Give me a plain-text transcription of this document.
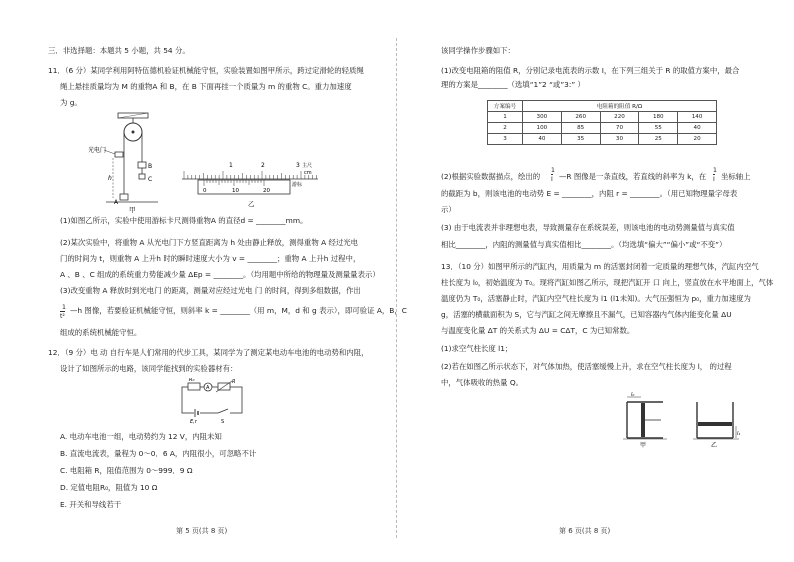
三．非选择题：本题共 5 小题，共 54 分。
11．（6 分）某同学利用阿特伍德机验证机械能守恒，实验装置如图甲所示，跨过定滑轮的轻质绳
绳上悬挂质量均为 M 的重物A 和 B，在 B 下面再挂一个质量为 m 的重物 C。重力加速度
为 g。
光电门
h
A
B
C
甲
1	2	3 主尺
cm
0	10	20
游标
乙
(1)如图乙所示，实验中使用游标卡尺测得重物A 的直径d = ________mm。
(2)某次实验中，将重物 A 从光电门下方竖直距离为 h 处由静止释放，测得重物 A 经过光电
门的时间为 t，则重物 A 上升h 时的瞬时速度大小为 v = ________；重物 A 上升h 过程中，
A 、B 、C 组成的系统重力势能减少量 ΔEp = ________。（均用题中所给的物理量及测量量表示）
(3)改变重物 A 释放时到光电门 的距离，测量对应经过光电 门 的时间，得到多组数据，作出
1
t²
—h 图像，若要验证机械能守恒，则斜率 k = ________（用 m，M，d 和 g 表示），即可验证 A，B，C
组成的系统机械能守恒。
12．（9 分）电 动 自行车是人们常用的代步工具，某同学为了测定某电动车电池的电动势和内阻，
设计了如图所示的电路，该同学能找到的实验器材有：
R₀
A
R
E,r	S
A. 电动车电池一组，电动势约为 12 V，内阻未知
B. 直流电流表，量程为 0～0．6 A，内阻很小，可忽略不计
C. 电阻箱 R，阻值范围为 0～999．9 Ω
D. 定值电阻R₀，阻值为 10 Ω
E. 开关和导线若干
第 5 页(共 8 页)
该同学操作步骤如下：
(1)改变电阻箱的阻值 R，分别记录电流表的示数 I，在下列三组关于 R 的取值方案中，最合
理的方案是________（选填“1”2 “或”3:” ）
方案编号	电阻箱的阻值 R/Ω				
1	300	260	220	180	140
2	100	85	70	55	40
3	40	35	30	25	20
(2)根据实验数据描点，绘出的
1
I —R 图像是一条直线，若直线的斜率为 k，在
1
I 坐标轴上
的截距为 b，则该电池的电动势 E = ________，内阻 r = ________。（用已知物理量字母表
示）
(3) 由于电流表并非理想电表，导致测量存在系统误差，则该电池的电动势测量值与真实值
相比________，内阻的测量值与真实值相比________。（均选填“偏大”“偏小”或“不变”）
13．（10 分）如图甲所示的汽缸内，用质量为 m 的活塞封闭着一定质量的理想气体，汽缸内空气
柱长度为 l₀，初始温度为 T₀。现将汽缸如图乙所示，现把汽缸开 口 向上，竖直放在水平地面上，气体
温度仍为 T₀，活塞静止时，汽缸内空气柱长度为 l1 (l1未知)。大气压强恒为 p₀，重力加速度为
g，活塞的横截面积为 S，它与汽缸之间无摩擦且不漏气，已知容器内气体内能变化量 ΔU
与温度变化量 ΔT 的关系式为 ΔU = CΔT，C 为已知常数。
(1)求空气柱长度 l1；
(2)若在如图乙所示状态下，对气体加热，使活塞缓慢上升，求在空气柱长度为 l， 的过程
中，气体吸收的热量 Q。
l₀
甲
l₁
乙
第 6 页(共 8 页)
